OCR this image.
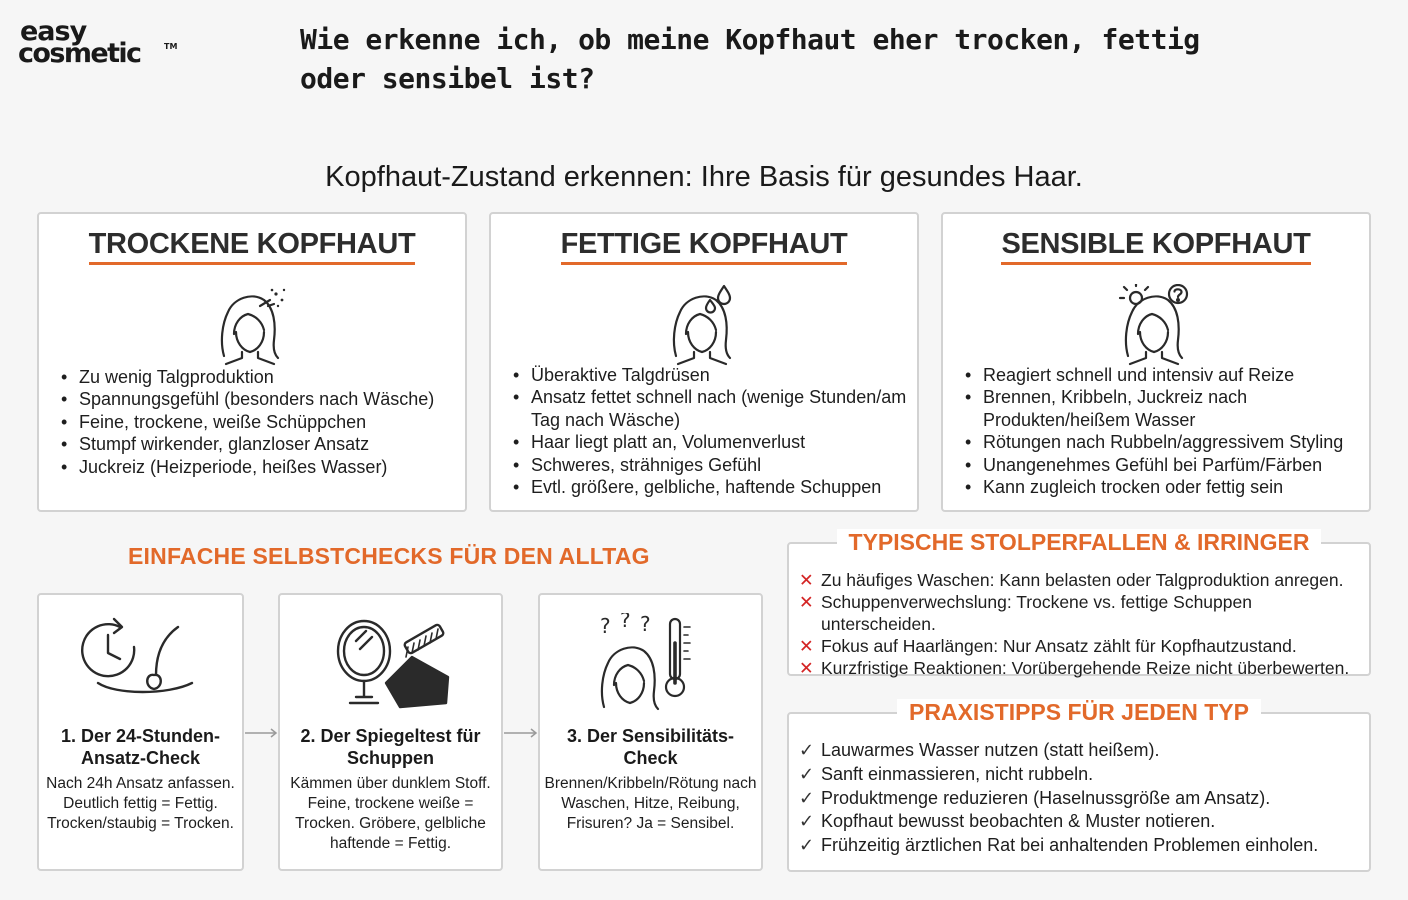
easy
cosmetic	TM	Wie erkenne ich, ob meine Kopfhaut eher trocken, fettig
oder sensibel ist?
Kopfhaut-Zustand erkennen: Ihre Basis für gesundes Haar.
TROCKENE KOPFHAUT
• Zu wenig Talgproduktion
• Spannungsgefühl (besonders nach Wäsche)
• Feine, trockene, weiße Schüppchen
• Stumpf wirkender, glanzloser Ansatz
• Juckreiz (Heizperiode, heißes Wasser)
FETTIGE KOPFHAUT
• Überaktive Talgdrüsen
• Ansatz fettet schnell nach (wenige Stunden/am Tag nach Wäsche)
• Haar liegt platt an, Volumenverlust
• Schweres, strähniges Gefühl
• Evtl. größere, gelbliche, haftende Schuppen
SENSIBLE KOPFHAUT
• Reagiert schnell und intensiv auf Reize
• Brennen, Kribbeln, Juckreiz nach Produkten/heißem Wasser
• Rötungen nach Rubbeln/aggressivem Styling
• Unangenehmes Gefühl bei Parfüm/Färben
• Kann zugleich trocken oder fettig sein
EINFACHE SELBSTCHECKS FÜR DEN ALLTAG
1. Der 24-Stunden-Ansatz-Check
Nach 24h Ansatz anfassen. Deutlich fettig = Fettig. Trocken/staubig = Trocken.
2. Der Spiegeltest für Schuppen
Kämmen über dunklem Stoff. Feine, trockene weiße = Trocken. Gröbere, gelbliche haftende = Fettig.
? ? ?
3. Der Sensibilitäts-Check
Brennen/Kribbeln/Rötung nach Waschen, Hitze, Reibung, Frisuren? Ja = Sensibel.
TYPISCHE STOLPERFALLEN & IRRINGER
✕ Zu häufiges Waschen: Kann belasten oder Talgproduktion anregen.
✕ Schuppenverwechslung: Trockene vs. fettige Schuppen unterscheiden.
✕ Fokus auf Haarlängen: Nur Ansatz zählt für Kopfhautzustand.
✕ Kurzfristige Reaktionen: Vorübergehende Reize nicht überbewerten.
PRAXISTIPPS FÜR JEDEN TYP
✓ Lauwarmes Wasser nutzen (statt heißem).
✓ Sanft einmassieren, nicht rubbeln.
✓ Produktmenge reduzieren (Haselnussgröße am Ansatz).
✓ Kopfhaut bewusst beobachten & Muster notieren.
✓ Frühzeitig ärztlichen Rat bei anhaltenden Problemen einholen.
